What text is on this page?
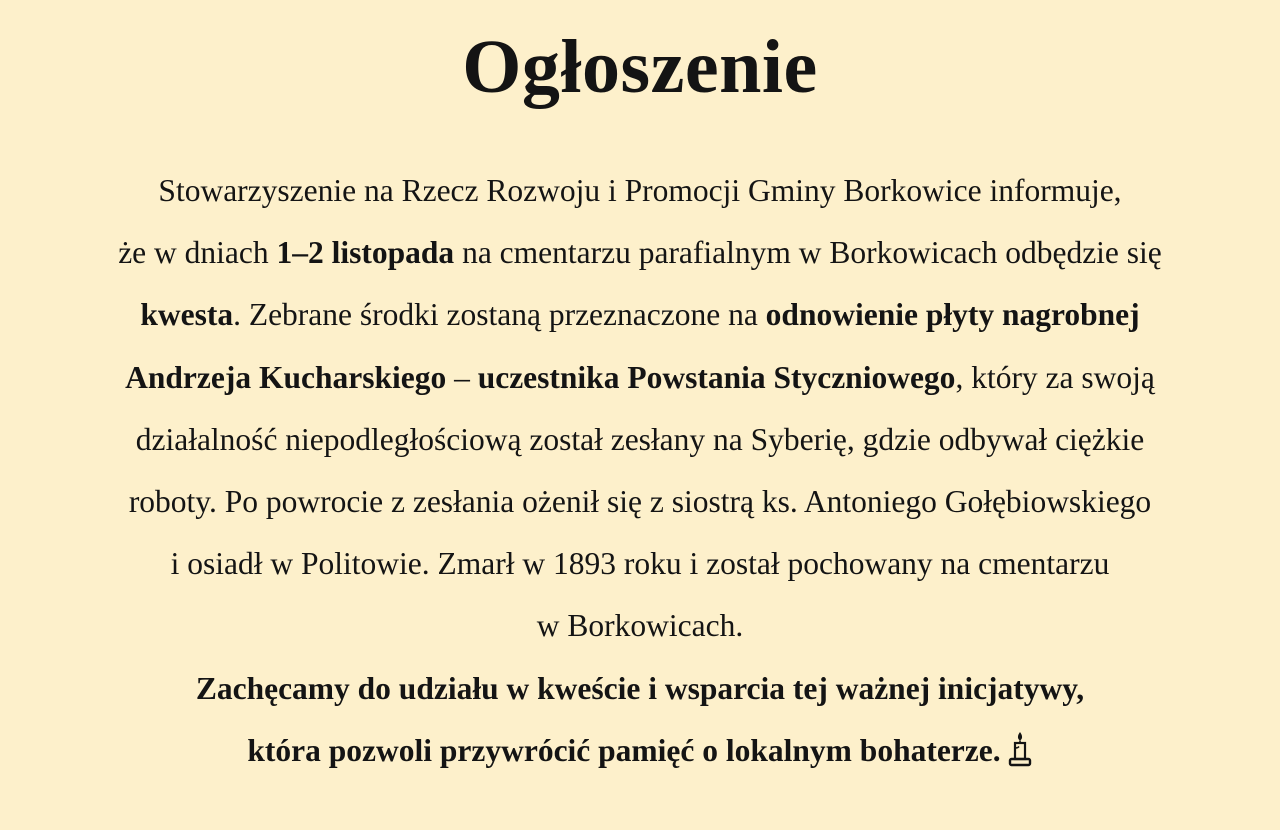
Ogłoszenie
Stowarzyszenie na Rzecz Rozwoju i Promocji Gminy Borkowice informuje,
że w dniach 1–2 listopada na cmentarzu parafialnym w Borkowicach odbędzie się
kwesta. Zebrane środki zostaną przeznaczone na odnowienie płyty nagrobnej
Andrzeja Kucharskiego – uczestnika Powstania Styczniowego, który za swoją
działalność niepodległościową został zesłany na Syberię, gdzie odbywał ciężkie
roboty. Po powrocie z zesłania ożenił się z siostrą ks. Antoniego Gołębiowskiego
i osiadł w Politowie. Zmarł w 1893 roku i został pochowany na cmentarzu
w Borkowicach.
Zachęcamy do udziału w kweście i wsparcia tej ważnej inicjatywy,
która pozwoli przywrócić pamięć o lokalnym bohaterze.
